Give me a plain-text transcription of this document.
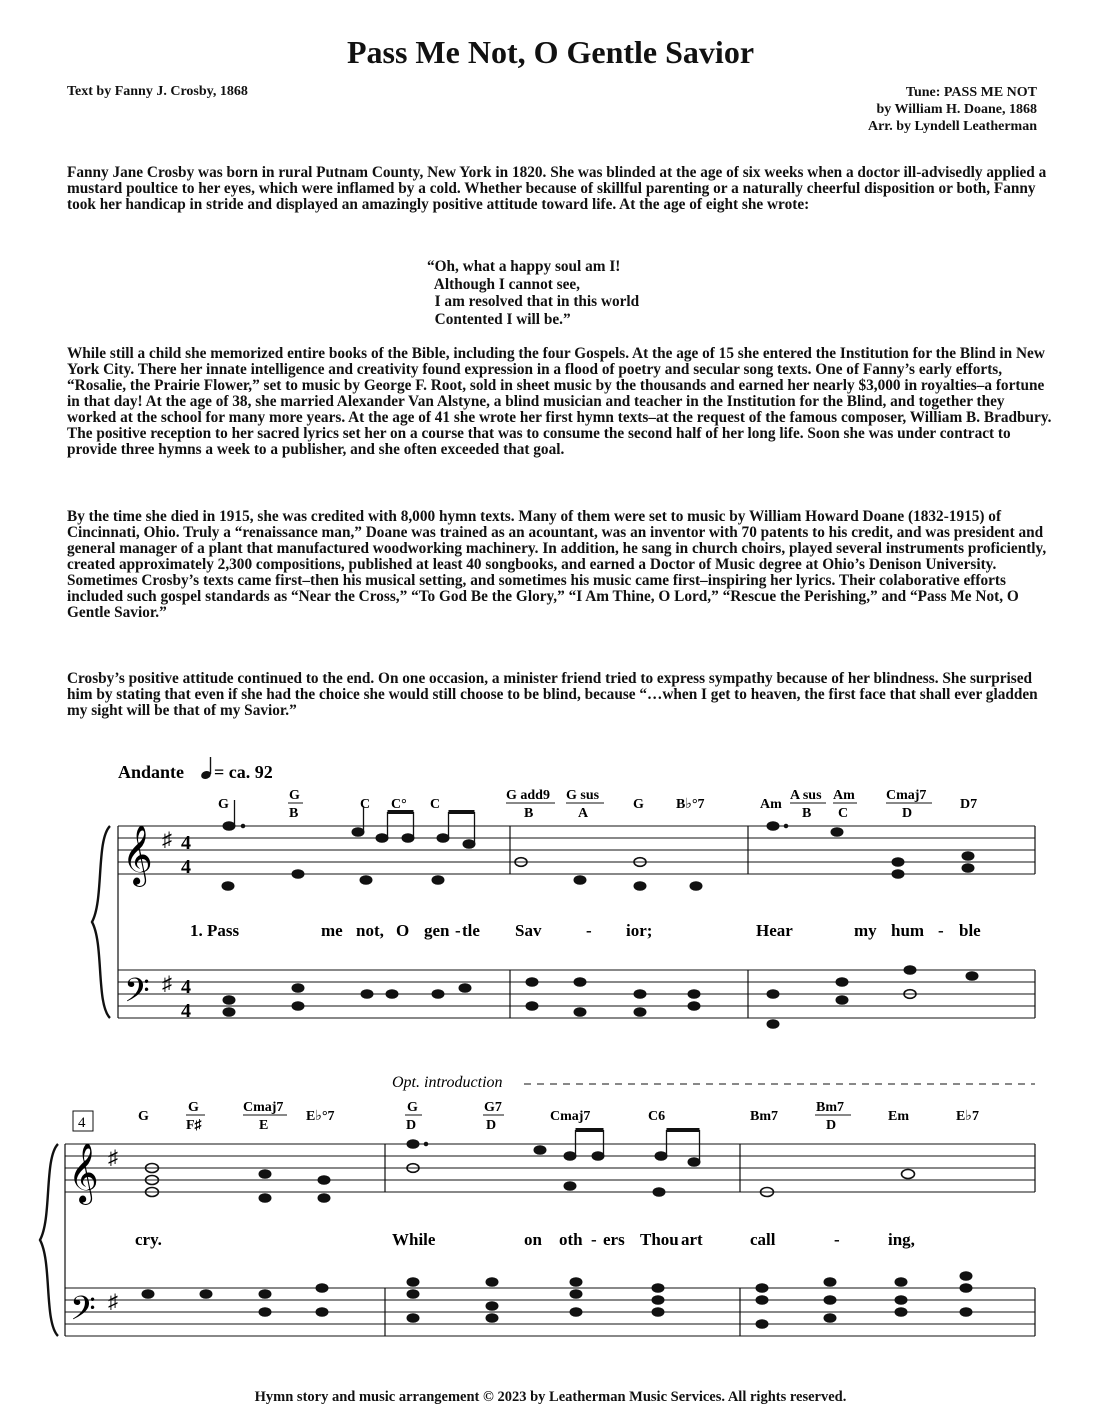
Pass Me Not, O Gentle Savior
Text by Fanny J. Crosby, 1868	Tune: PASS ME NOT
by William H. Doane, 1868
Arr. by Lyndell Leatherman

Fanny Jane Crosby was born in rural Putnam County, New York in 1820. She was blinded at the age of six weeks when a doctor ill-advisedly applied a mustard poultice to her eyes, which were inflamed by a cold. Whether because of skillful parenting or a naturally cheerful disposition or both, Fanny took her handicap in stride and displayed an amazingly positive attitude toward life. At the age of eight she wrote:

“Oh, what a happy soul am I!
Although I cannot see,
I am resolved that in this world
Contented I will be.”

While still a child she memorized entire books of the Bible, including the four Gospels. At the age of 15 she entered the Institution for the Blind in New York City. There her innate intelligence and creativity found expression in a flood of poetry and secular song texts. One of Fanny’s early efforts, “Rosalie, the Prairie Flower,” set to music by George F. Root, sold in sheet music by the thousands and earned her nearly $3,000 in royalties–a fortune in that day! At the age of 38, she married Alexander Van Alstyne, a blind musician and teacher in the Institution for the Blind, and together they worked at the school for many more years. At the age of 41 she wrote her first hymn texts–at the request of the famous composer, William B. Bradbury. The positive reception to her sacred lyrics set her on a course that was to consume the second half of her long life. Soon she was under contract to provide three hymns a week to a publisher, and she often exceeded that goal.

By the time she died in 1915, she was credited with 8,000 hymn texts. Many of them were set to music by William Howard Doane (1832-1915) of Cincinnati, Ohio. Truly a “renaissance man,” Doane was trained as an acountant, was an inventor with 70 patents to his credit, and was president and general manager of a plant that manufactured woodworking machinery. In addition, he sang in church choirs, played several instruments proficiently, created approximately 2,300 compositions, published at least 40 songbooks, and earned a Doctor of Music degree at Ohio’s Denison University. Sometimes Crosby’s texts came first–then his musical setting, and sometimes his music came first–inspiring her lyrics. Their colaborative efforts included such gospel standards as “Near the Cross,” “To God Be the Glory,” “I Am Thine, O Lord,” “Rescue the Perishing,” and “Pass Me Not, O Gentle Savior.”

Crosby’s positive attitude continued to the end. On one occasion, a minister friend tried to express sympathy because of her blindness. She surprised him by stating that even if she had the choice she would still choose to be blind, because “…when I get to heaven, the first face that shall ever gladden my sight will be that of my Savior.”

Andante = ca. 92
G
G
B
C C° C
G add9
B
G sus
A
G B♭°7	Am
A sus
B
Am
C
Cmaj7
D
D7
𝄞
𝄢
♯
♯
4
4
4
4
1. Pass	me not, O gen - tle Sav	- ior;	Hear	my hum - ble
Opt. introduction
4	G
G
F♯
Cmaj7
E
E♭°7
G
D
G7
D
Cmaj7	C6	Bm7
Bm7
D
Em	E♭7
𝄞
𝄢
♯
♯
cry.	While	on oth - ers Thou art	call	-	ing,
Hymn story and music arrangement © 2023 by Leatherman Music Services. All rights reserved.
